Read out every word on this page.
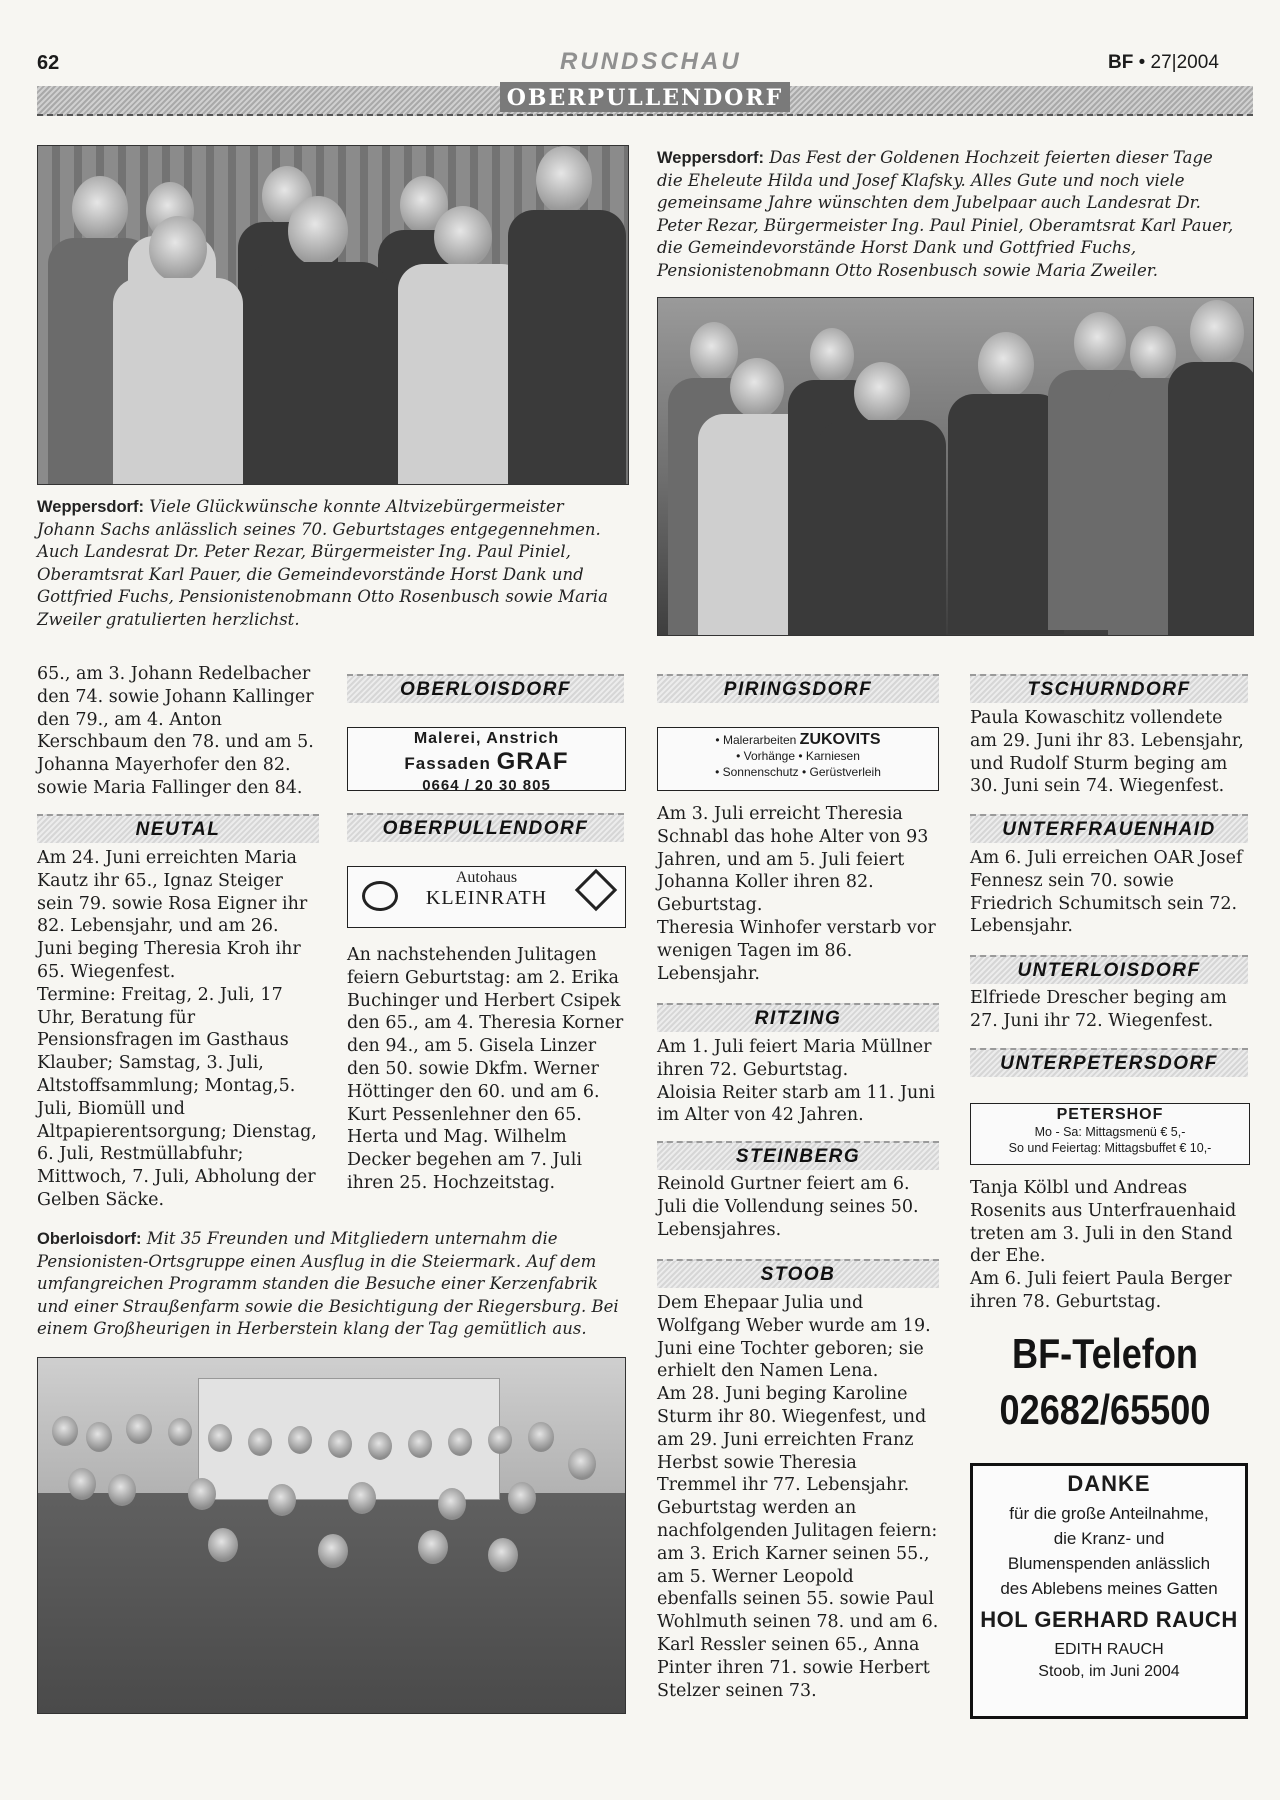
62	RUNDSCHAU	BF • 27|2004
OBERPULLENDORF
Weppersdorf: Viele Glückwünsche konnte Altvizebürgermeister Johann Sachs anlässlich seines 70. Geburtstages entgegennehmen. Auch Landesrat Dr. Peter Rezar, Bürgermeister Ing. Paul Piniel, Oberamtsrat Karl Pauer, die Gemeindevorstände Horst Dank und Gottfried Fuchs, Pensionistenobmann Otto Rosenbusch sowie Maria Zweiler gratulierten herzlichst.
Weppersdorf: Das Fest der Goldenen Hochzeit feierten dieser Tage die Eheleute Hilda und Josef Klafsky. Alles Gute und noch viele gemeinsame Jahre wünschten dem Jubelpaar auch Landesrat Dr. Peter Rezar, Bürgermeister Ing. Paul Piniel, Oberamtsrat Karl Pauer, die Gemeindevorstände Horst Dank und Gottfried Fuchs, Pensionistenobmann Otto Rosenbusch sowie Maria Zweiler.
65., am 3. Johann Redelbacher den 74. sowie Johann Kallinger den 79., am 4. Anton Kerschbaum den 78. und am 5. Johanna Mayerhofer den 82. sowie Maria Fallinger den 84.
NEUTAL
Am 24. Juni erreichten Maria Kautz ihr 65., Ignaz Steiger sein 79. sowie Rosa Eigner ihr 82. Lebensjahr, und am 26. Juni beging Theresia Kroh ihr 65. Wiegenfest.
Termine: Freitag, 2. Juli, 17 Uhr, Beratung für Pensionsfragen im Gasthaus Klauber; Samstag, 3. Juli, Altstoffsammlung; Montag,5. Juli, Biomüll und Altpapierentsorgung; Dienstag, 6. Juli, Restmüllabfuhr; Mittwoch, 7. Juli, Abholung der Gelben Säcke.
OBERLOISDORF
Malerei, Anstrich
Fassaden GRAF
0664 / 20 30 805
OBERPULLENDORF
Autohaus
KLEINRATH
An nachstehenden Julitagen feiern Geburtstag: am 2. Erika Buchinger und Herbert Csipek den 65., am 4. Theresia Korner den 94., am 5. Gisela Linzer den 50. sowie Dkfm. Werner Höttinger den 60. und am 6. Kurt Pessenlehner den 65. Herta und Mag. Wilhelm Decker begehen am 7. Juli ihren 25. Hochzeitstag.
Oberloisdorf: Mit 35 Freunden und Mitgliedern unternahm die Pensionisten-Ortsgruppe einen Ausflug in die Steiermark. Auf dem umfangreichen Programm standen die Besuche einer Kerzenfabrik und einer Straußenfarm sowie die Besichtigung der Riegersburg. Bei einem Großheurigen in Herberstein klang der Tag gemütlich aus.
PIRINGSDORF
• Malerarbeiten ZUKOVITS
• Vorhänge • Karniesen
• Sonnenschutz • Gerüstverleih
Am 3. Juli erreicht Theresia Schnabl das hohe Alter von 93 Jahren, und am 5. Juli feiert Johanna Koller ihren 82. Geburtstag.
Theresia Winhofer verstarb vor wenigen Tagen im 86. Lebensjahr.
RITZING
Am 1. Juli feiert Maria Müllner ihren 72. Geburtstag.
Aloisia Reiter starb am 11. Juni im Alter von 42 Jahren.
STEINBERG
Reinold Gurtner feiert am 6. Juli die Vollendung seines 50. Lebensjahres.
STOOB
Dem Ehepaar Julia und Wolfgang Weber wurde am 19. Juni eine Tochter geboren; sie erhielt den Namen Lena.
Am 28. Juni beging Karoline Sturm ihr 80. Wiegenfest, und am 29. Juni erreichten Franz Herbst sowie Theresia Tremmel ihr 77. Lebensjahr.
Geburtstag werden an nachfolgenden Julitagen feiern: am 3. Erich Karner seinen 55., am 5. Werner Leopold ebenfalls seinen 55. sowie Paul Wohlmuth seinen 78. und am 6. Karl Ressler seinen 65., Anna Pinter ihren 71. sowie Herbert Stelzer seinen 73.
TSCHURNDORF
Paula Kowaschitz vollendete am 29. Juni ihr 83. Lebensjahr, und Rudolf Sturm beging am 30. Juni sein 74. Wiegenfest.
UNTERFRAUENHAID
Am 6. Juli erreichen OAR Josef Fennesz sein 70. sowie Friedrich Schumitsch sein 72. Lebensjahr.
UNTERLOISDORF
Elfriede Drescher beging am 27. Juni ihr 72. Wiegenfest.
UNTERPETERSDORF
PETERSHOF
Mo - Sa: Mittagsmenü € 5,-
So und Feiertag: Mittagsbuffet € 10,-
Tanja Kölbl und Andreas Rosenits aus Unterfrauenhaid treten am 3. Juli in den Stand der Ehe.
Am 6. Juli feiert Paula Berger ihren 78. Geburtstag.
BF-Telefon
02682/65500
DANKE
für die große Anteilnahme,
die Kranz- und
Blumenspenden anlässlich
des Ablebens meines Gatten
HOL GERHARD RAUCH
EDITH RAUCH
Stoob, im Juni 2004
